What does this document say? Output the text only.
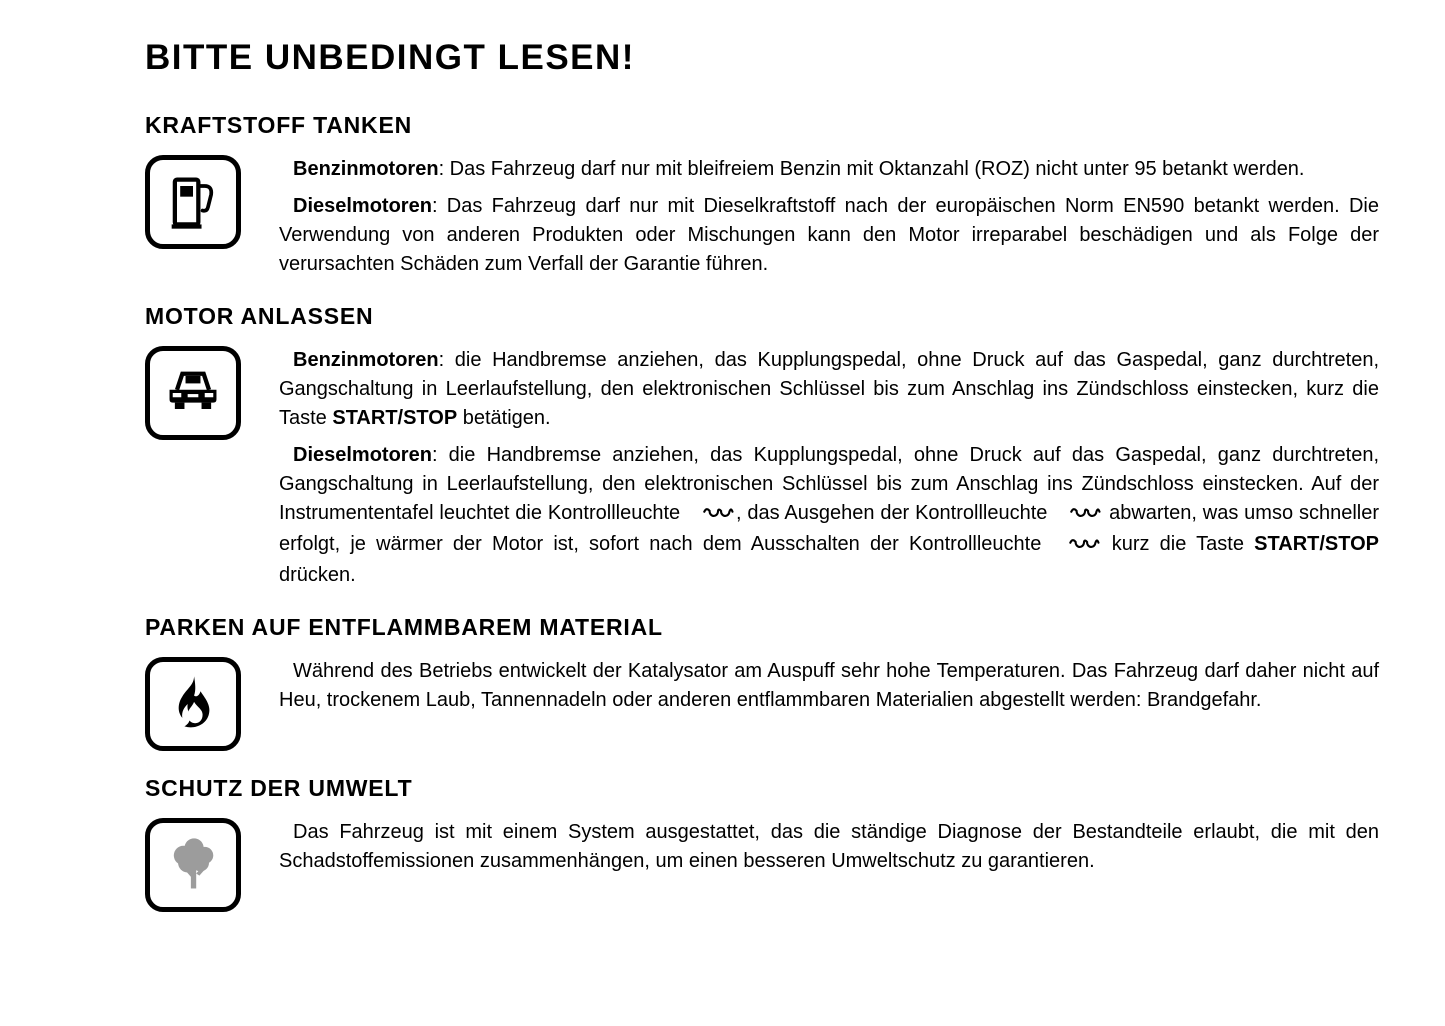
BITTE UNBEDINGT LESEN!
KRAFTSTOFF TANKEN

Benzinmotoren: Das Fahrzeug darf nur mit bleifreiem Benzin mit Oktanzahl (ROZ) nicht unter 95 betankt werden.

Dieselmotoren: Das Fahrzeug darf nur mit Dieselkraftstoff nach der europäischen Norm EN590 betankt werden. Die Verwendung von anderen Produkten oder Mischungen kann den Motor irreparabel beschädigen und als Folge der verursachten Schäden zum Verfall der Garantie führen.

MOTOR ANLASSEN

Benzinmotoren: die Handbremse anziehen, das Kupplungspedal, ohne Druck auf das Gaspedal, ganz durchtreten, Gangschaltung in Leerlaufstellung, den elektronischen Schlüssel bis zum Anschlag ins Zündschloss einstecken, kurz die Taste START/STOP betätigen.

Dieselmotoren: die Handbremse anziehen, das Kupplungspedal, ohne Druck auf das Gaspedal, ganz durchtreten, Gangschaltung in Leerlaufstellung, den elektronischen Schlüssel bis zum Anschlag ins Zündschloss einstecken. Auf der Instrumententafel leuchtet die Kontrollleuchte	, das Ausgehen der Kontrollleuchte	abwarten, was umso schneller erfolgt, je wärmer der Motor ist, sofort nach dem Ausschalten der Kontrollleuchte	kurz die Taste START/STOP drücken.

PARKEN AUF ENTFLAMMBAREM MATERIAL

Während des Betriebs entwickelt der Katalysator am Auspuff sehr hohe Temperaturen. Das Fahrzeug darf daher nicht auf Heu, trockenem Laub, Tannennadeln oder anderen entflammbaren Materialien abgestellt werden: Brandgefahr.

SCHUTZ DER UMWELT

Das Fahrzeug ist mit einem System ausgestattet, das die ständige Diagnose der Bestandteile erlaubt, die mit den Schadstoffemissionen zusammenhängen, um einen besseren Umweltschutz zu garantieren.
